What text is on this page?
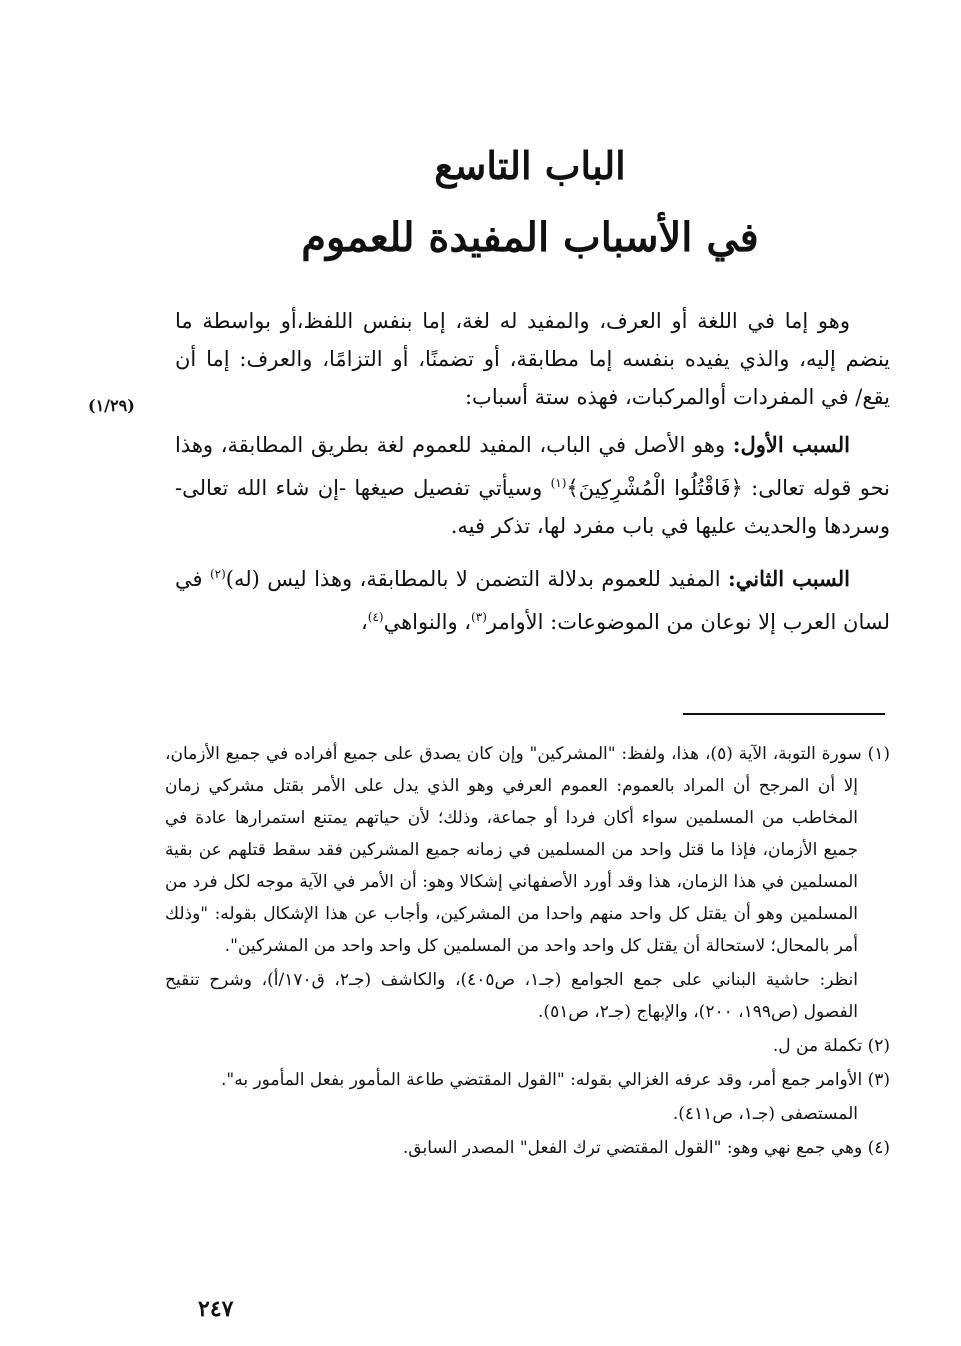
الباب التاسع
في الأسباب المفيدة للعموم
(١/٢٩)

وهو إما في اللغة أو العرف، والمفيد له لغة، إما بنفس اللفظ،أو بواسطة ما ينضم إليه، والذي يفيده بنفسه إما مطابقة، أو تضمنًا، أو التزامًا، والعرف: إما أن يقع/ في المفردات أوالمركبات، فهذه ستة أسباب:

السبب الأول: وهو الأصل في الباب، المفيد للعموم لغة بطريق المطابقة، وهذا نحو قوله تعالى: ﴿فَاقْتُلُوا الْمُشْرِكِينَ﴾$^{(١)}$ وسيأتي تفصيل صيغها -إن شاء الله تعالى- وسردها والحديث عليها في باب مفرد لها، تذكر فيه.

السبب الثاني: المفيد للعموم بدلالة التضمن لا بالمطابقة، وهذا ليس (له)$^{(٢)}$ في لسان العرب إلا نوعان من الموضوعات: الأوامر$^{(٣)}$، والنواهي$^{(٤)}$،

(١) سورة التوبة، الآية (٥)، هذا، ولفظ: "المشركين" وإن كان يصدق على جميع أفراده في جميع الأزمان، إلا أن المرجح أن المراد بالعموم: العموم العرفي وهو الذي يدل على الأمر بقتل مشركي زمان المخاطب من المسلمين سواء أكان فردا أو جماعة، وذلك؛ لأن حياتهم يمتنع استمرارها عادة في جميع الأزمان، فإذا ما قتل واحد من المسلمين في زمانه جميع المشركين فقد سقط قتلهم عن بقية المسلمين في هذا الزمان، هذا وقد أورد الأصفهاني إشكالا وهو: أن الأمر في الآية موجه لكل فرد من المسلمين وهو أن يقتل كل واحد منهم واحدا من المشركين، وأجاب عن هذا الإشكال بقوله: "وذلك أمر بالمحال؛ لاستحالة أن يقتل كل واحد واحد من المسلمين كل واحد واحد من المشركين".

انظر: حاشية البناني على جمع الجوامع (جـ١، ص٤٠٥)، والكاشف (جـ٢، ق١٧٠/أ)، وشرح تنقيح الفصول (ص١٩٩، ٢٠٠)، والإبهاج (جـ٢، ص٥١).

(٢) تكملة من ل.

(٣) الأوامر جمع أمر، وقد عرفه الغزالي بقوله: "القول المقتضي طاعة المأمور بفعل المأمور به".

المستصفى (جـ١، ص٤١١).

(٤) وهي جمع نهي وهو: "القول المقتضي ترك الفعل" المصدر السابق.

٢٤٧
